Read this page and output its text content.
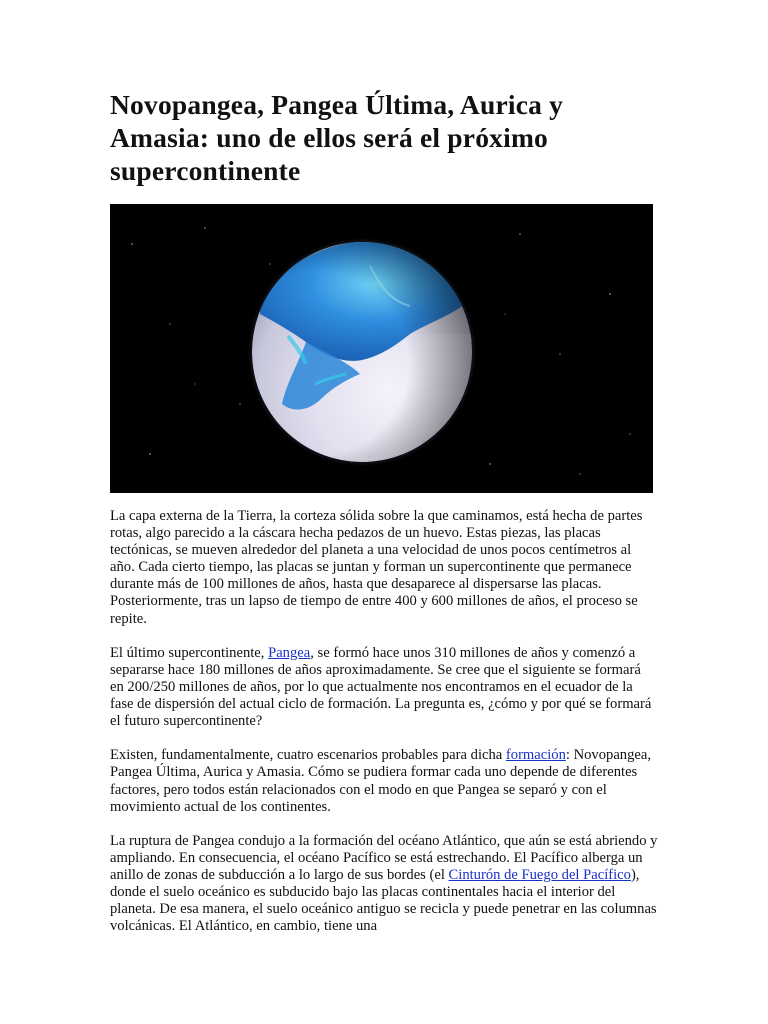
Novopangea, Pangea Última, Aurica y Amasia: uno de ellos será el próximo supercontinente

La capa externa de la Tierra, la corteza sólida sobre la que caminamos, está hecha de partes rotas, algo parecido a la cáscara hecha pedazos de un huevo. Estas piezas, las placas tectónicas, se mueven alrededor del planeta a una velocidad de unos pocos centímetros al año. Cada cierto tiempo, las placas se juntan y forman un supercontinente que permanece durante más de 100 millones de años, hasta que desaparece al dispersarse las placas. Posteriormente, tras un lapso de tiempo de entre 400 y 600 millones de años, el proceso se repite.

El último supercontinente, Pangea, se formó hace unos 310 millones de años y comenzó a separarse hace 180 millones de años aproximadamente. Se cree que el siguiente se formará en 200/250 millones de años, por lo que actualmente nos encontramos en el ecuador de la fase de dispersión del actual ciclo de formación. La pregunta es, ¿cómo y por qué se formará el futuro supercontinente?

Existen, fundamentalmente, cuatro escenarios probables para dicha formación: Novopangea, Pangea Última, Aurica y Amasia. Cómo se pudiera formar cada uno depende de diferentes factores, pero todos están relacionados con el modo en que Pangea se separó y con el movimiento actual de los continentes.

La ruptura de Pangea condujo a la formación del océano Atlántico, que aún se está abriendo y ampliando. En consecuencia, el océano Pacífico se está estrechando. El Pacífico alberga un anillo de zonas de subducción a lo largo de sus bordes (el Cinturón de Fuego del Pacífico), donde el suelo oceánico es subducido bajo las placas continentales hacia el interior del planeta. De esa manera, el suelo oceánico antiguo se recicla y puede penetrar en las columnas volcánicas. El Atlántico, en cambio, tiene una
